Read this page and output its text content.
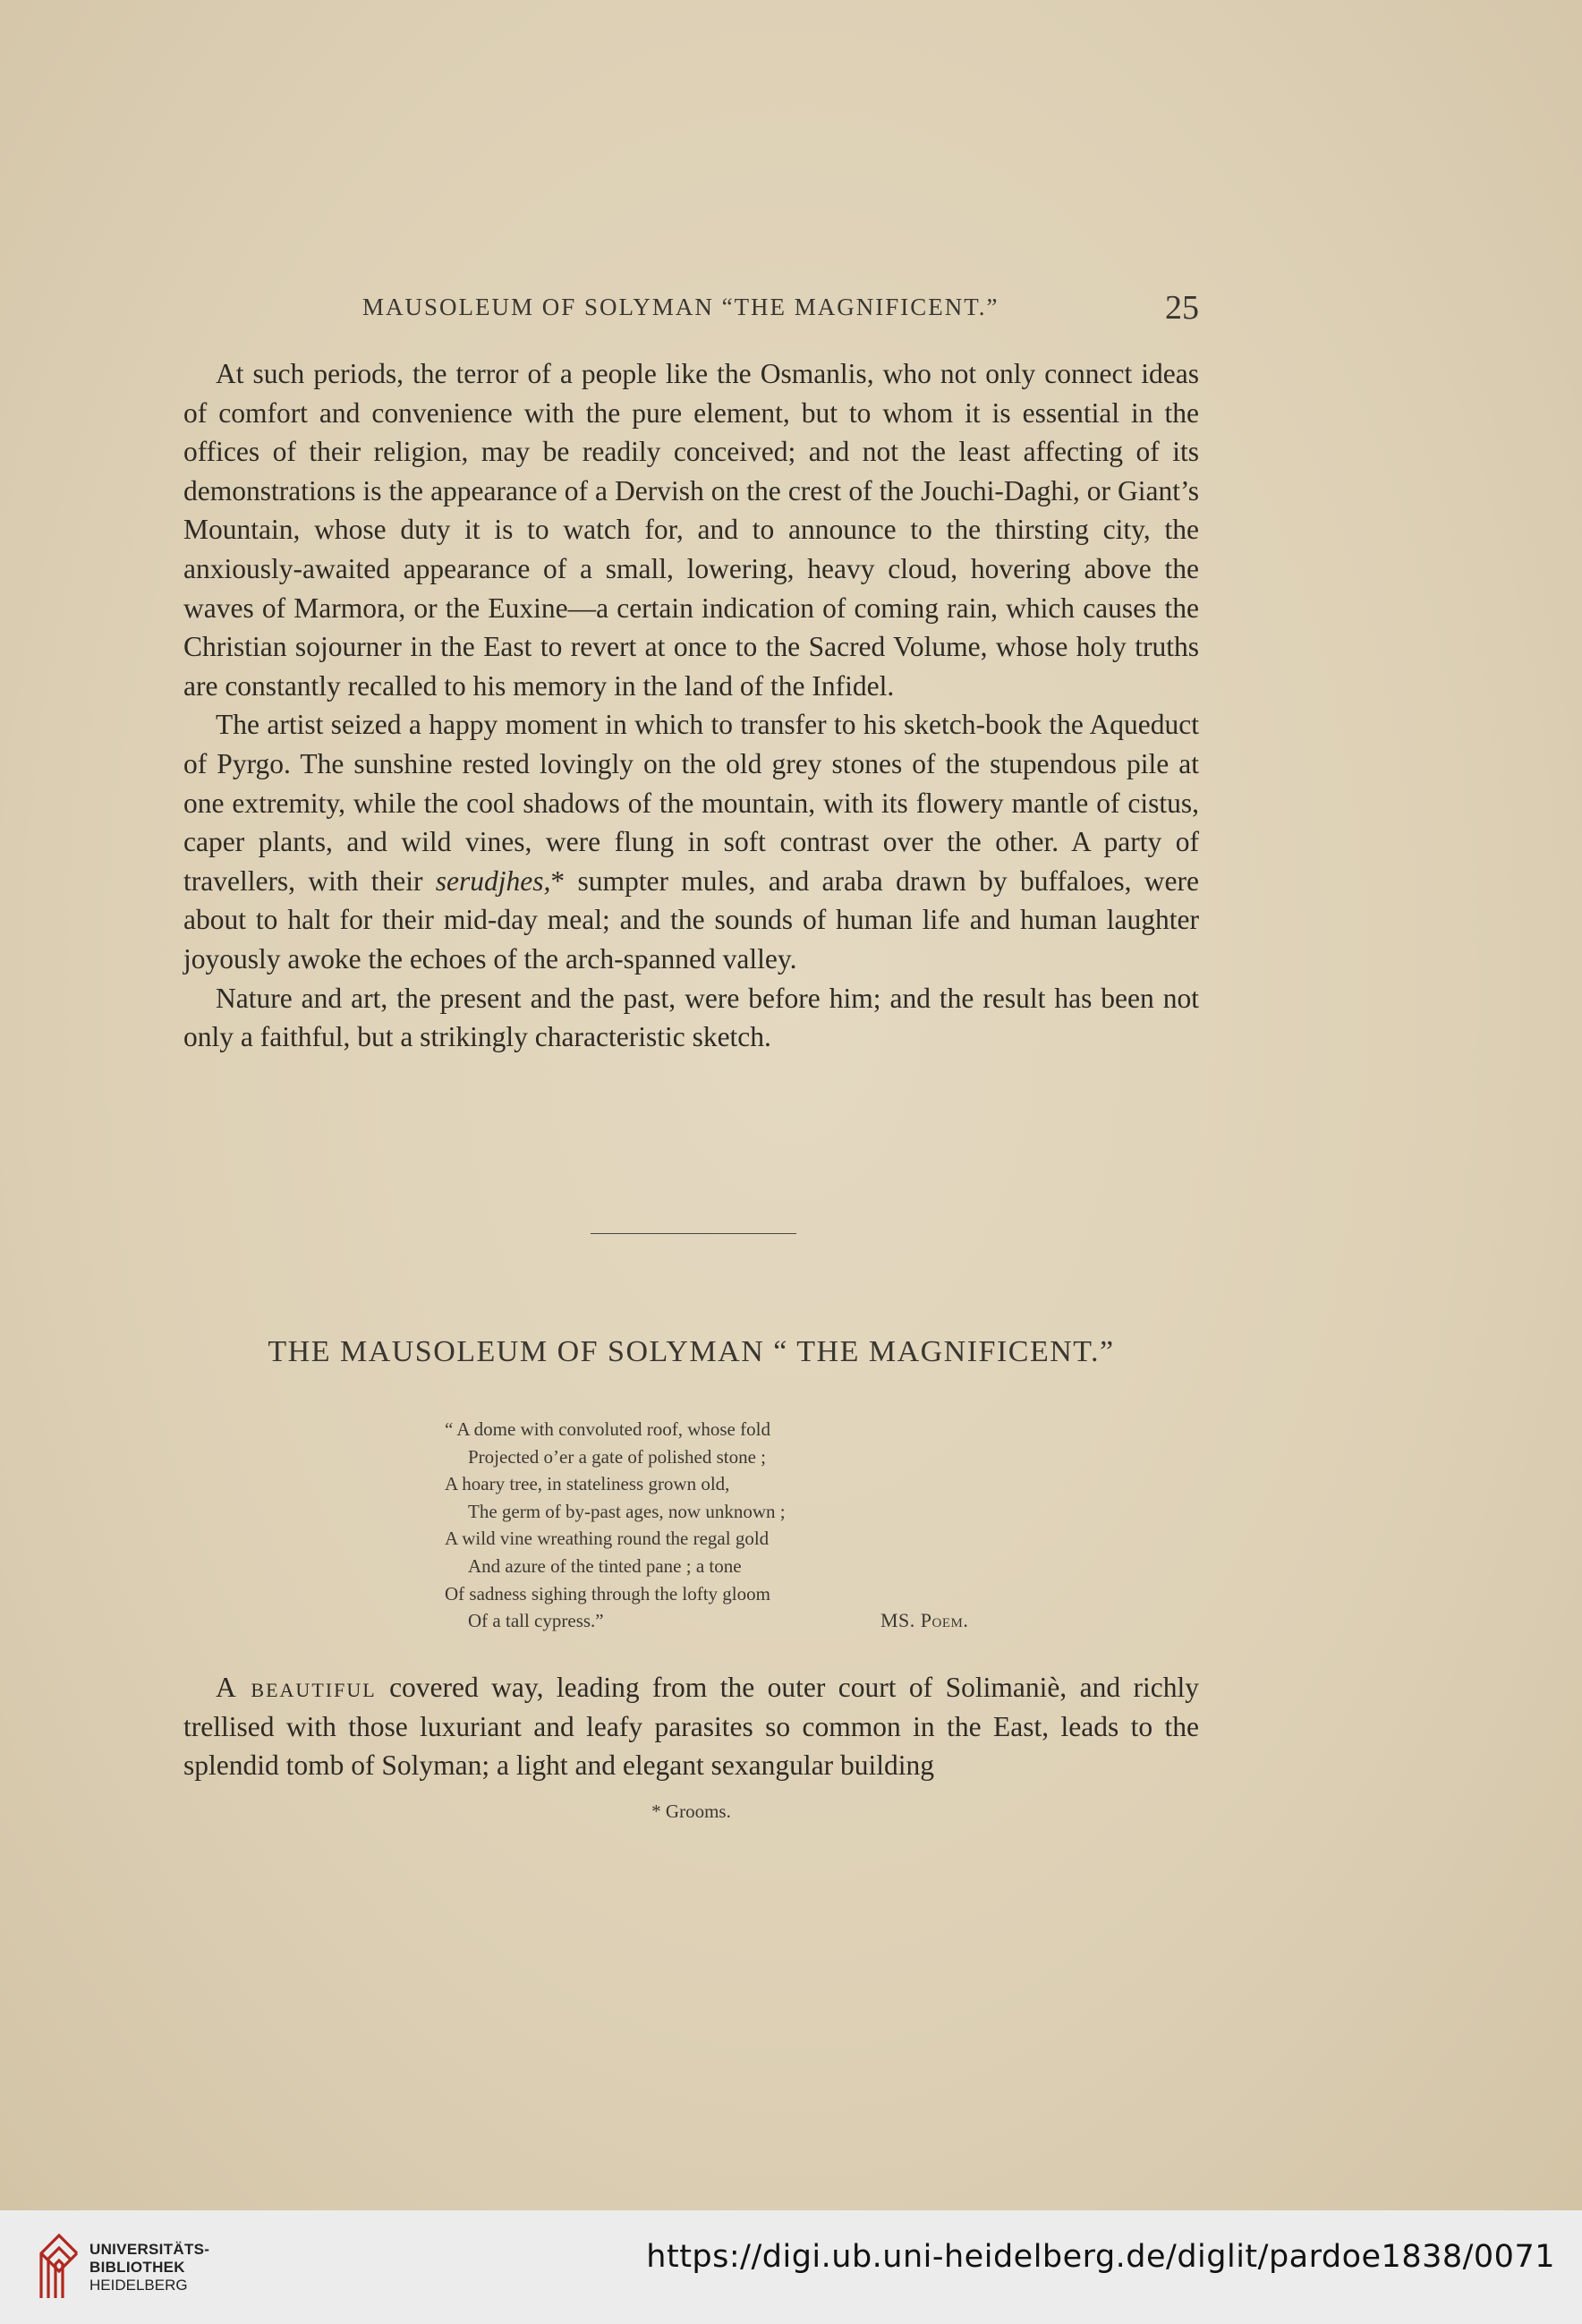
MAUSOLEUM OF SOLYMAN “THE MAGNIFICENT.”	25

At such periods, the terror of a people like the Osmanlis, who not only connect ideas of comfort and convenience with the pure element, but to whom it is essential in the offices of their religion, may be readily conceived; and not the least affecting of its demonstrations is the appearance of a Dervish on the crest of the Jouchi-Daghi, or Giant’s Mountain, whose duty it is to watch for, and to announce to the thirsting city, the anxiously-awaited appearance of a small, lowering, heavy cloud, hovering above the waves of Marmora, or the Euxine—a certain indication of coming rain, which causes the Christian sojourner in the East to revert at once to the Sacred Volume, whose holy truths are constantly recalled to his memory in the land of the Infidel.

The artist seized a happy moment in which to transfer to his sketch-book the Aqueduct of Pyrgo. The sunshine rested lovingly on the old grey stones of the stupendous pile at one extremity, while the cool shadows of the mountain, with its flowery mantle of cistus, caper plants, and wild vines, were flung in soft contrast over the other. A party of travellers, with their serudjhes,* sumpter mules, and araba drawn by buffaloes, were about to halt for their mid-day meal; and the sounds of human life and human laughter joyously awoke the echoes of the arch-spanned valley.

Nature and art, the present and the past, were before him; and the result has been not only a faithful, but a strikingly characteristic sketch.

THE MAUSOLEUM OF SOLYMAN “ THE MAGNIFICENT.”
“ A dome with convoluted roof, whose fold
Projected o’er a gate of polished stone ;
A hoary tree, in stateliness grown old,
The germ of by-past ages, now unknown ;
A wild vine wreathing round the regal gold
And azure of the tinted pane ; a tone
Of sadness sighing through the lofty gloom
Of a tall cypress.”	MS. Poem.

A beautiful covered way, leading from the outer court of Solimaniè, and richly trellised with those luxuriant and leafy parasites so common in the East, leads to the splendid tomb of Solyman; a light and elegant sexangular building

* Grooms.
UNIVERSITÄTS-
BIBLIOTHEK
HEIDELBERG
https://digi.ub.uni-heidelberg.de/diglit/pardoe1838/0071
